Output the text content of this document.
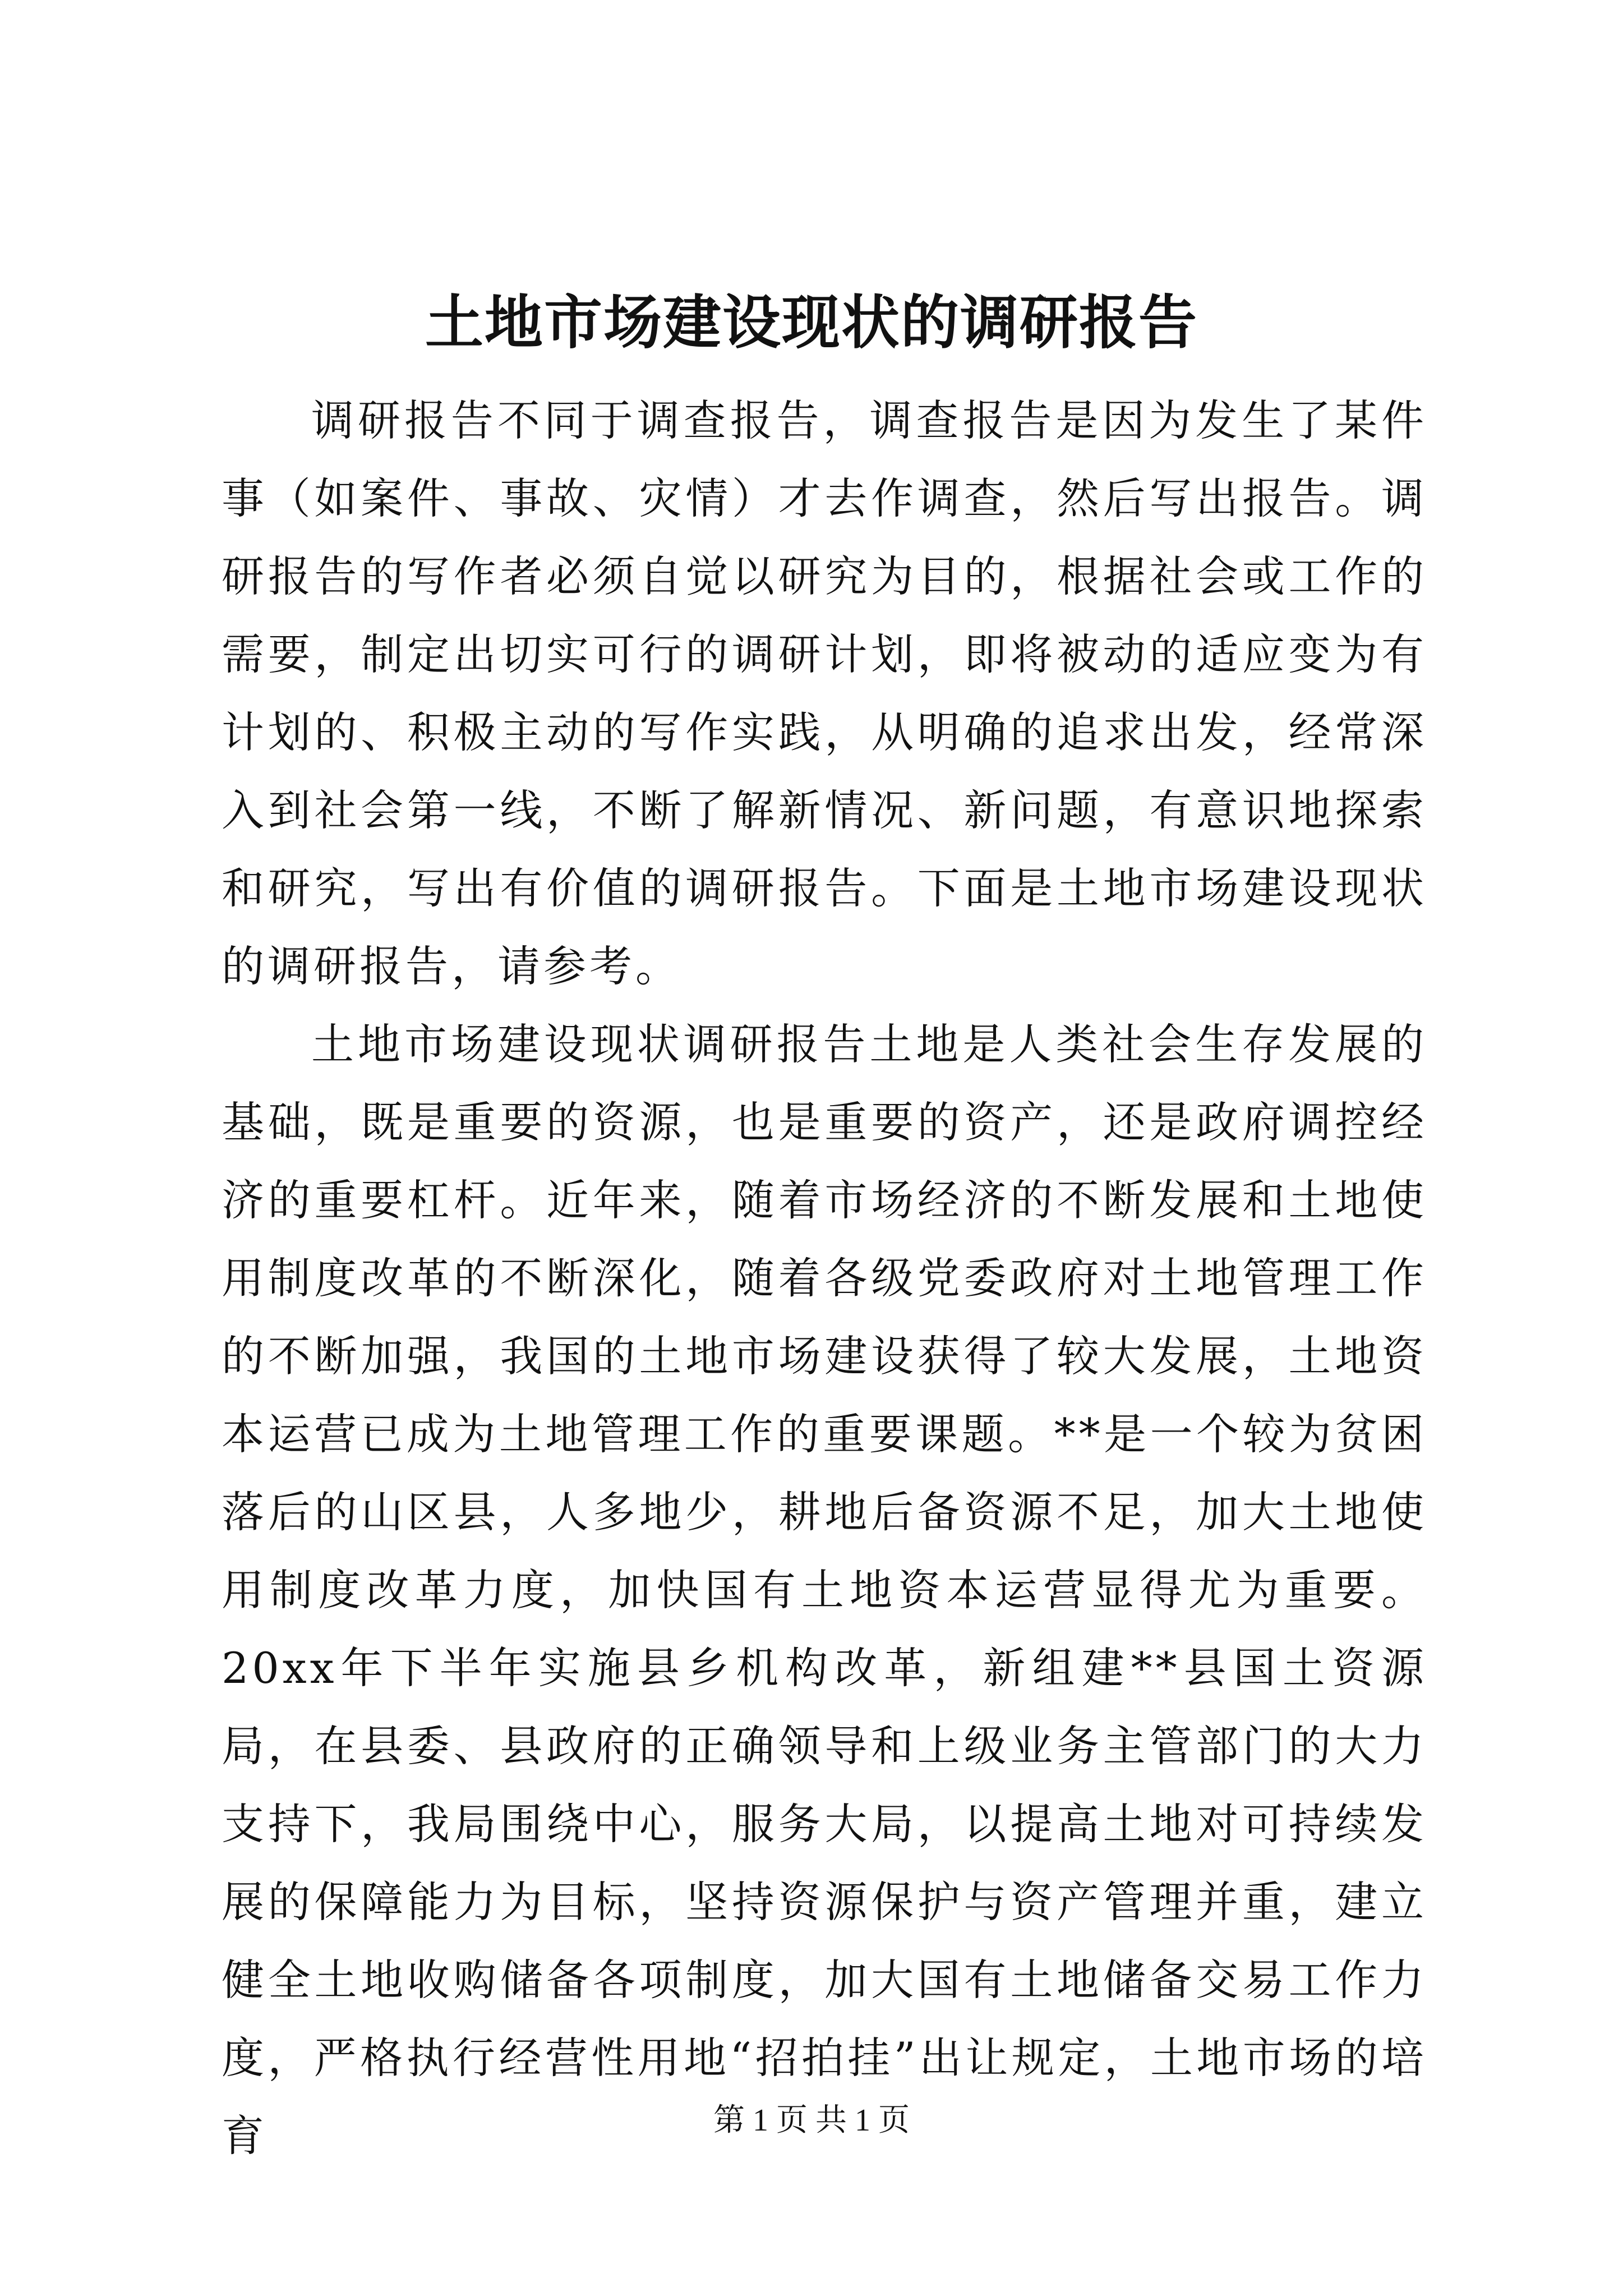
土地市场建设现状的调研报告

调研报告不同于调查报告，调查报告是因为发生了某件事（如案件、事故、灾情）才去作调查，然后写出报告。调研报告的写作者必须自觉以研究为目的，根据社会或工作的需要，制定出切实可行的调研计划，即将被动的适应变为有计划的、积极主动的写作实践，从明确的追求出发，经常深入到社会第一线，不断了解新情况、新问题，有意识地探索和研究，写出有价值的调研报告。下面是土地市场建设现状的调研报告，请参考。

土地市场建设现状调研报告土地是人类社会生存发展的基础，既是重要的资源，也是重要的资产，还是政府调控经济的重要杠杆。近年来，随着市场经济的不断发展和土地使用制度改革的不断深化，随着各级党委政府对土地管理工作的不断加强，我国的土地市场建设获得了较大发展，土地资本运营已成为土地管理工作的重要课题。**是一个较为贫困落后的山区县，人多地少，耕地后备资源不足，加大土地使用制度改革力度，加快国有土地资本运营显得尤为重要。20xx年下半年实施县乡机构改革，新组建**县国土资源局，在县委、县政府的正确领导和上级业务主管部门的大力支持下，我局围绕中心，服务大局，以提高土地对可持续发展的保障能力为目标，坚持资源保护与资产管理并重，建立健全土地收购储备各项制度，加大国有土地储备交易工作力度，严格执行经营性用地“招拍挂”出让规定，土地市场的培育	第 1 页 共 1 页
